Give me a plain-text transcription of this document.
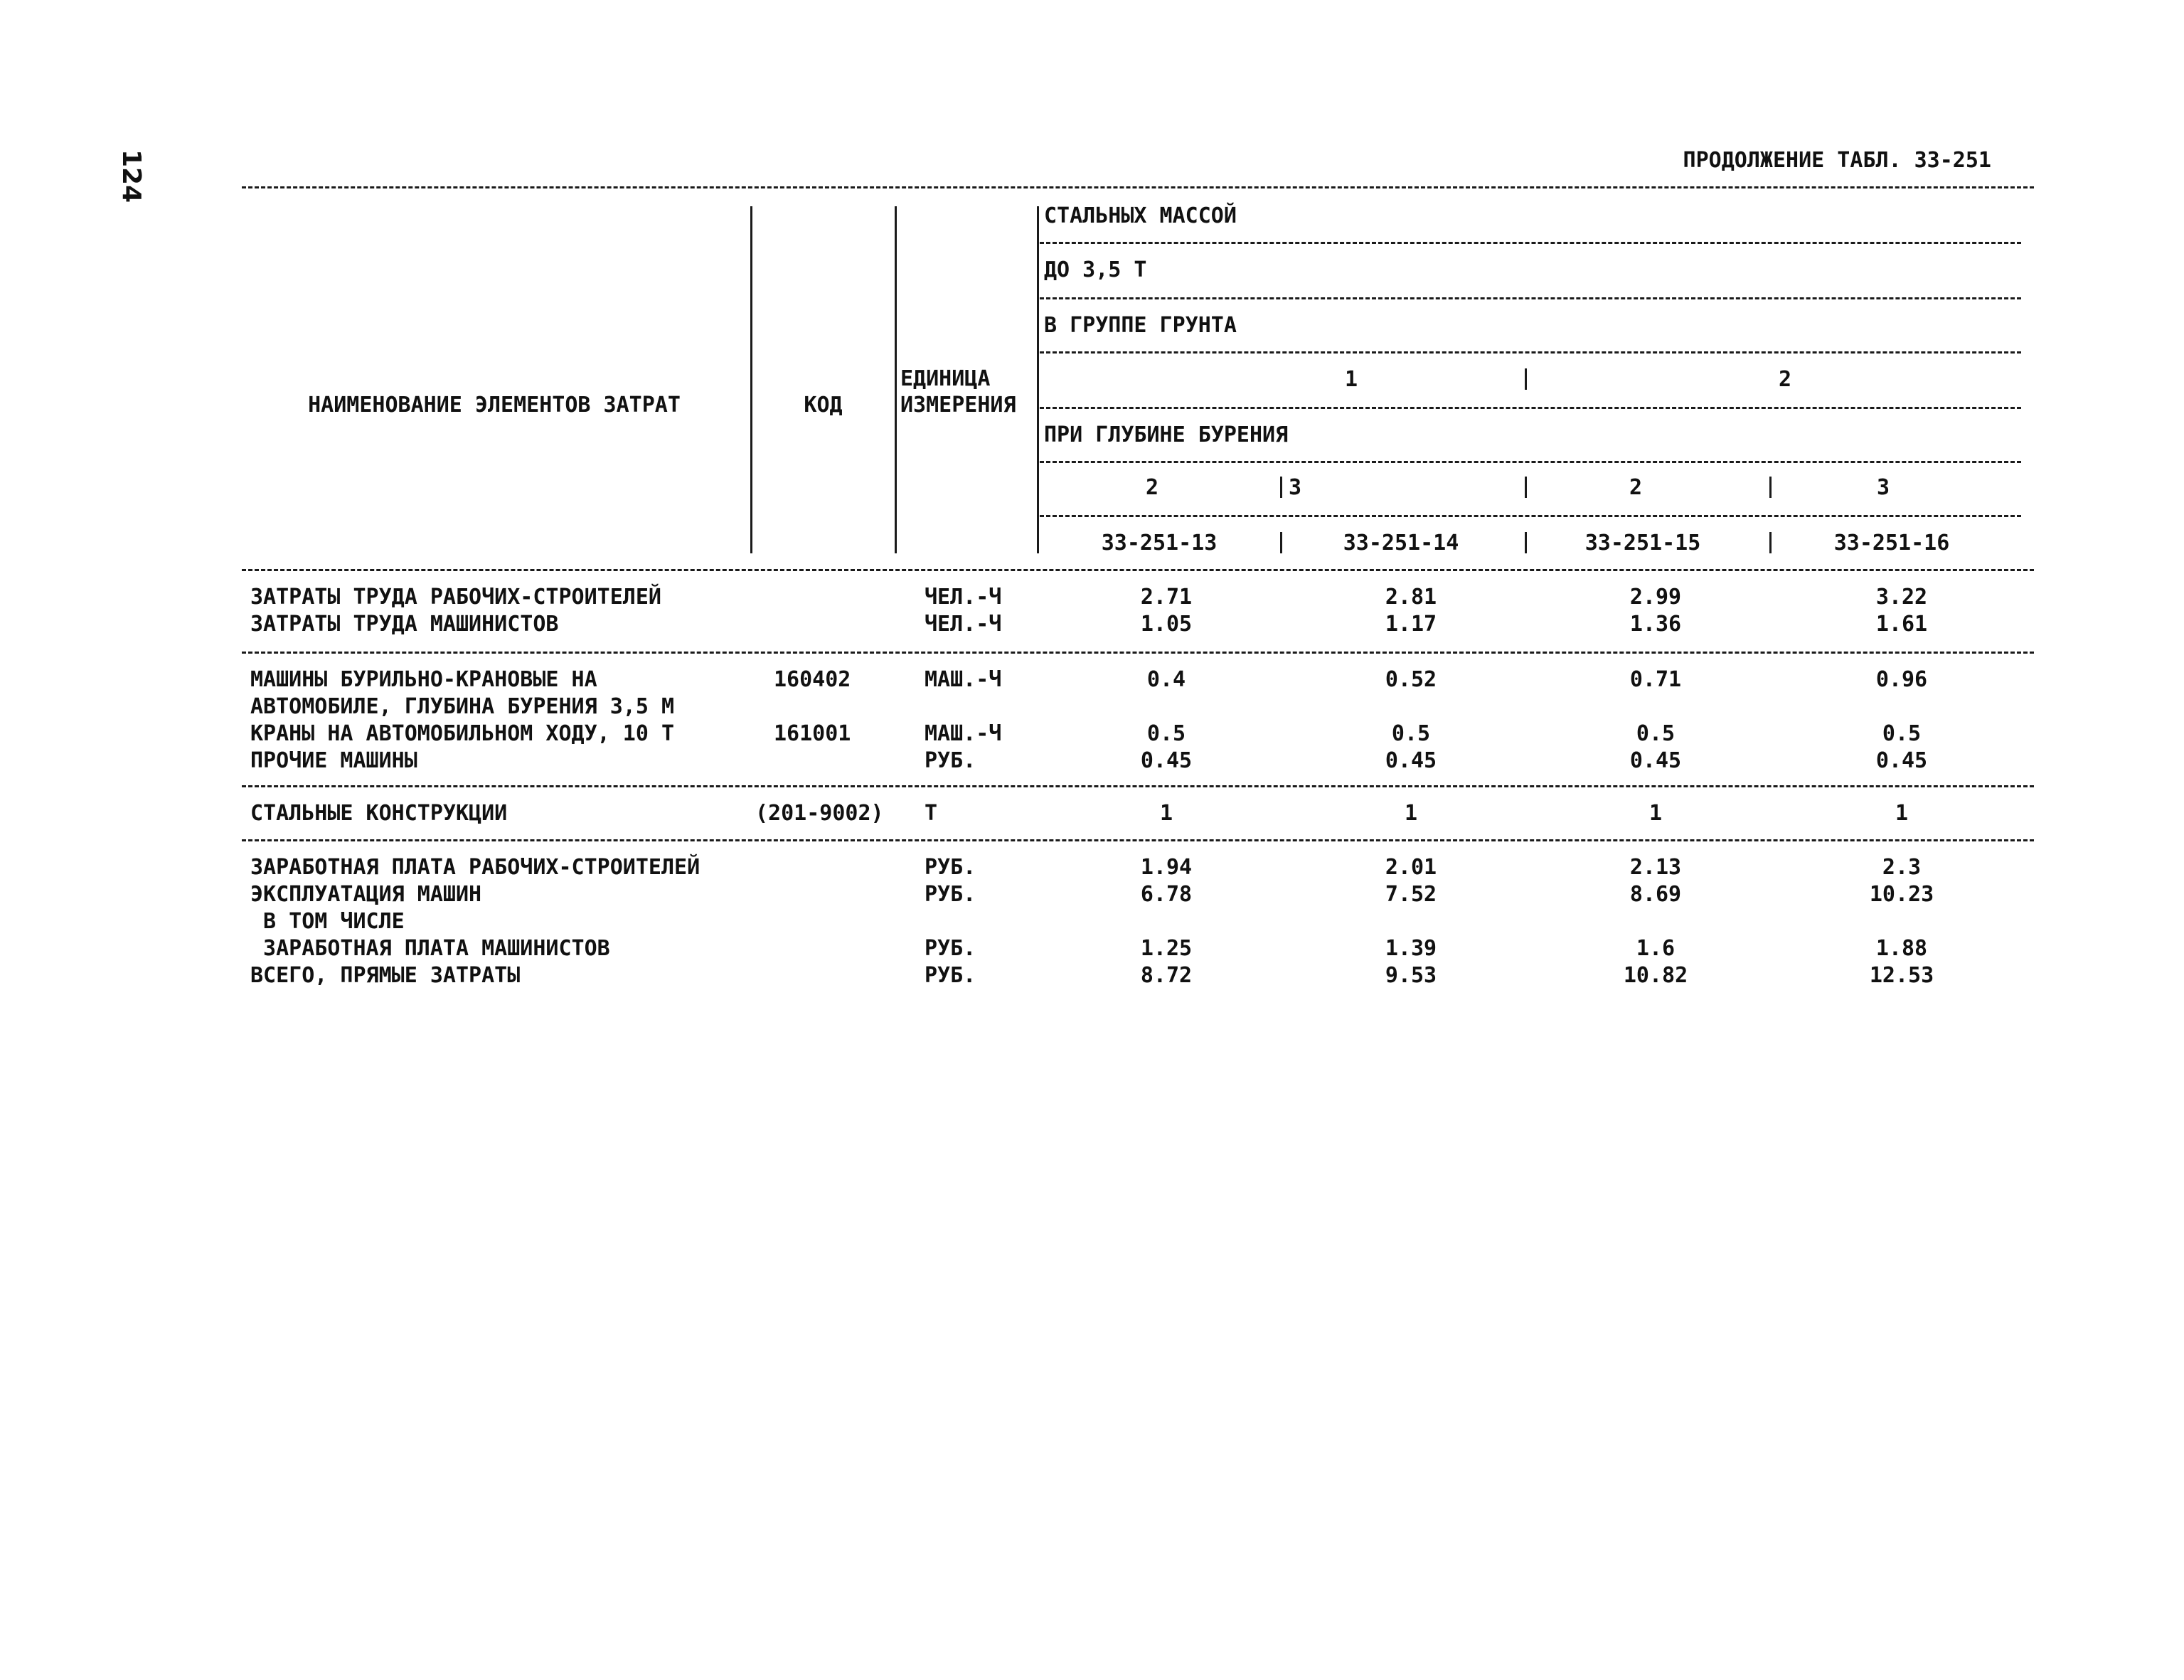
124	ПРОДОЛЖЕНИЕ ТАБЛ. 33-251
НАИМЕНОВАНИЕ ЭЛЕМЕНТОВ ЗАТРАТ	КОД
ЕДИНИЦА
ИЗМЕРЕНИЯ
СТАЛЬНЫХ МАССОЙ
ДО 3,5 Т
В ГРУППЕ ГРУНТА
1	2
ПРИ ГЛУБИНЕ БУРЕНИЯ
2	3	2	3
33-251-13	33-251-14	33-251-15	33-251-16
ЗАТРАТЫ ТРУДА РАБОЧИХ-СТРОИТЕЛЕЙ	ЧЕЛ.-Ч	2.71	2.81	2.99	3.22
ЗАТРАТЫ ТРУДА МАШИНИСТОВ	ЧЕЛ.-Ч	1.05	1.17	1.36	1.61
МАШИНЫ БУРИЛЬНО-КРАНОВЫЕ НА	160402	МАШ.-Ч	0.4	0.52	0.71	0.96
АВТОМОБИЛЕ, ГЛУБИНА БУРЕНИЯ 3,5 М
КРАНЫ НА АВТОМОБИЛЬНОМ ХОДУ, 10 Т	161001	МАШ.-Ч	0.5	0.5	0.5	0.5
ПРОЧИЕ МАШИНЫ	РУБ.	0.45	0.45	0.45	0.45
СТАЛЬНЫЕ КОНСТРУКЦИИ	(201-9002) Т	1	1	1	1
ЗАРАБОТНАЯ ПЛАТА РАБОЧИХ-СТРОИТЕЛЕЙ	РУБ.	1.94	2.01	2.13	2.3
ЭКСПЛУАТАЦИЯ МАШИН	РУБ.	6.78	7.52	8.69	10.23
В ТОМ ЧИСЛЕ
ЗАРАБОТНАЯ ПЛАТА МАШИНИСТОВ	РУБ.	1.25	1.39	1.6	1.88
ВСЕГО, ПРЯМЫЕ ЗАТРАТЫ	РУБ.	8.72	9.53	10.82	12.53
